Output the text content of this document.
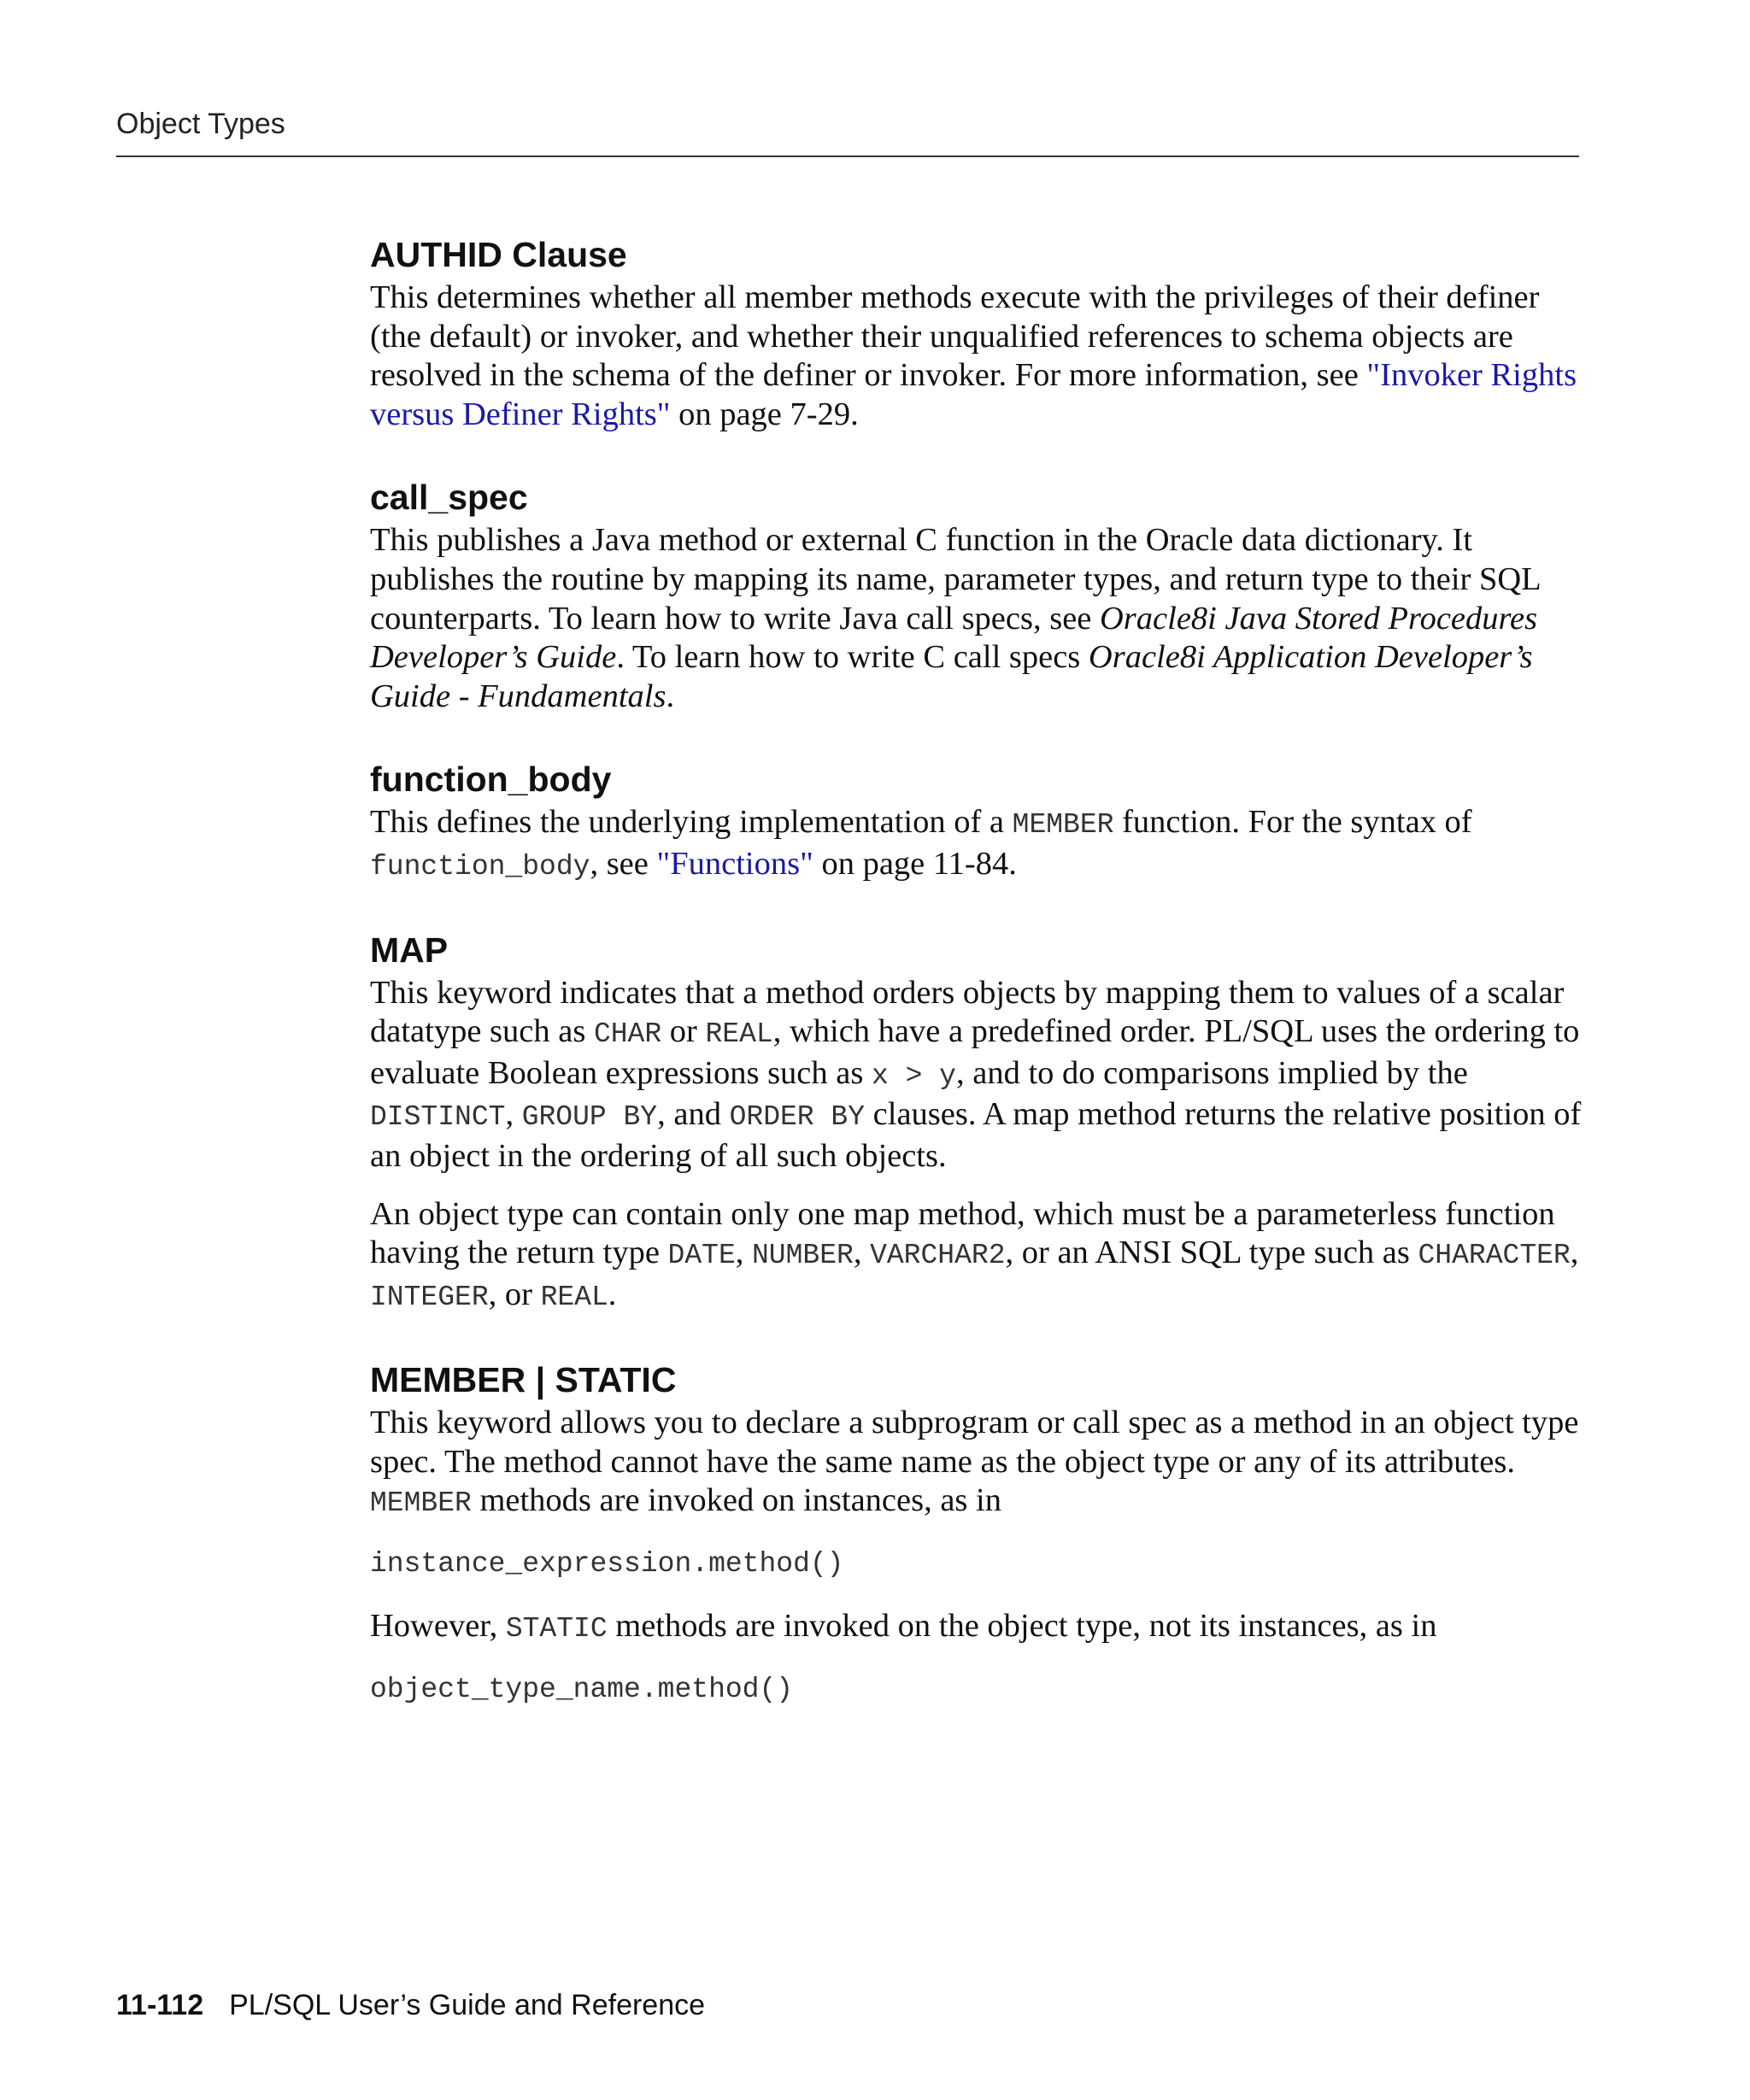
Object Types
AUTHID Clause

This determines whether all member methods execute with the privileges of their definer (the default) or invoker, and whether their unqualified references to schema objects are resolved in the schema of the definer or invoker. For more information, see "Invoker Rights versus Definer Rights" on page 7-29.

call_spec

This publishes a Java method or external C function in the Oracle data dictionary. It publishes the routine by mapping its name, parameter types, and return type to their SQL counterparts. To learn how to write Java call specs, see Oracle8i Java Stored Procedures Developer’s Guide. To learn how to write C call specs Oracle8i Application Developer’s Guide - Fundamentals.

function_body

This defines the underlying implementation of a MEMBER function. For the syntax of function_body, see "Functions" on page 11-84.

MAP

This keyword indicates that a method orders objects by mapping them to values of a scalar datatype such as CHAR or REAL, which have a predefined order. PL/SQL uses the ordering to evaluate Boolean expressions such as x > y, and to do comparisons implied by the DISTINCT, GROUP BY, and ORDER BY clauses. A map method returns the relative position of an object in the ordering of all such objects.

An object type can contain only one map method, which must be a parameterless function having the return type DATE, NUMBER, VARCHAR2, or an ANSI SQL type such as CHARACTER, INTEGER, or REAL.

MEMBER | STATIC

This keyword allows you to declare a subprogram or call spec as a method in an object type spec. The method cannot have the same name as the object type or any of its attributes. MEMBER methods are invoked on instances, as in

instance_expression.method()

However, STATIC methods are invoked on the object type, not its instances, as in

object_type_name.method()
11-112 PL/SQL User’s Guide and Reference
